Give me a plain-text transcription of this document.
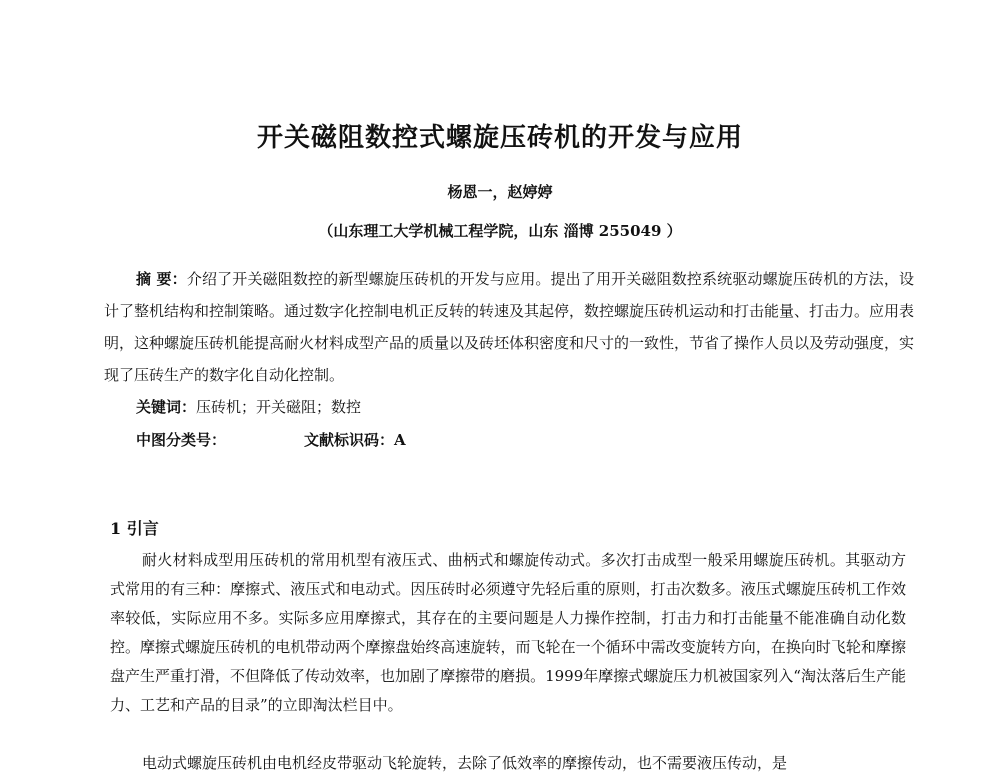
开关磁阻数控式螺旋压砖机的开发与应用
杨恩一，赵婷婷
（山东理工大学机械工程学院，山东 淄博 255049 ）
摘 要：介绍了开关磁阻数控的新型螺旋压砖机的开发与应用。提出了用开关磁阻数控系统驱动螺旋压砖机的方法，设计了整机结构和控制策略。通过数字化控制电机正反转的转速及其起停，数控螺旋压砖机运动和打击能量、打击力。应用表明，这种螺旋压砖机能提高耐火材料成型产品的质量以及砖坯体积密度和尺寸的一致性，节省了操作人员以及劳动强度，实现了压砖生产的数字化自动化控制。
关键词：压砖机；开关磁阻；数控
中图分类号：	文献标识码：A
1 引言
耐火材料成型用压砖机的常用机型有液压式、曲柄式和螺旋传动式。多次打击成型一般采用螺旋压砖机。其驱动方式常用的有三种：摩擦式、液压式和电动式。因压砖时必须遵守先轻后重的原则，打击次数多。液压式螺旋压砖机工作效率较低，实际应用不多。实际多应用摩擦式，其存在的主要问题是人力操作控制，打击力和打击能量不能准确自动化数控。摩擦式螺旋压砖机的电机带动两个摩擦盘始终高速旋转，而飞轮在一个循环中需改变旋转方向，在换向时飞轮和摩擦盘产生严重打滑，不但降低了传动效率，也加剧了摩擦带的磨损。1999年摩擦式螺旋压力机被国家列入“淘汰落后生产能力、工艺和产品的目录”的立即淘汰栏目中。
电动式螺旋压砖机由电机经皮带驱动飞轮旋转，去除了低效率的摩擦传动，也不需要液压传动，是
